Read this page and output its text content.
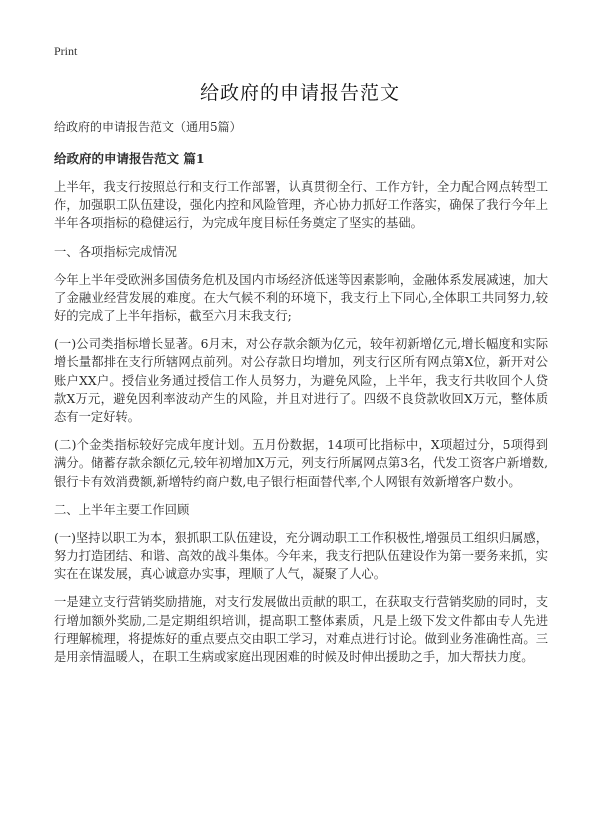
Print
给政府的申请报告范文

给政府的申请报告范文（通用5篇）

给政府的申请报告范文 篇1

上半年，我支行按照总行和支行工作部署，认真贯彻全行、工作方针，全力配合网点转型工作，加强职工队伍建设，强化内控和风险管理，齐心协力抓好工作落实，确保了我行今年上半年各项指标的稳健运行，为完成年度目标任务奠定了坚实的基础。

一、各项指标完成情况

今年上半年受欧洲多国债务危机及国内市场经济低迷等因素影响，金融体系发展减速，加大了金融业经营发展的难度。在大气候不利的环境下，我支行上下同心,全体职工共同努力,较好的完成了上半年指标，截至六月末我支行;

(一)公司类指标增长显著。6月末，对公存款余额为亿元，较年初新增亿元,增长幅度和实际增长量都排在支行所辖网点前列。对公存款日均增加，列支行区所有网点第X位，新开对公账户XX户。授信业务通过授信工作人员努力，为避免风险，上半年，我支行共收回个人贷款X万元，避免因利率波动产生的风险，并且对进行了。四级不良贷款收回X万元，整体质态有一定好转。

(二)个金类指标较好完成年度计划。五月份数据，14项可比指标中，X项超过分，5项得到满分。储蓄存款余额亿元,较年初增加X万元，列支行所属网点第3名，代发工资客户新增数,银行卡有效消费额,新增特约商户数,电子银行柜面替代率,个人网银有效新增客户数小。

二、上半年主要工作回顾

(一)坚持以职工为本，狠抓职工队伍建设，充分调动职工工作积极性,增强员工组织归属感，努力打造团结、和谐、高效的战斗集体。今年来，我支行把队伍建设作为第一要务来抓，实实在在谋发展，真心诚意办实事，理顺了人气，凝聚了人心。

一是建立支行营销奖励措施，对支行发展做出贡献的职工，在获取支行营销奖励的同时，支行增加额外奖励,二是定期组织培训，提高职工整体素质，凡是上级下发文件都由专人先进行理解梳理，将提炼好的重点要点交由职工学习，对难点进行讨论。做到业务准确性高。三是用亲情温暖人，在职工生病或家庭出现困难的时候及时伸出援助之手，加大帮扶力度。
